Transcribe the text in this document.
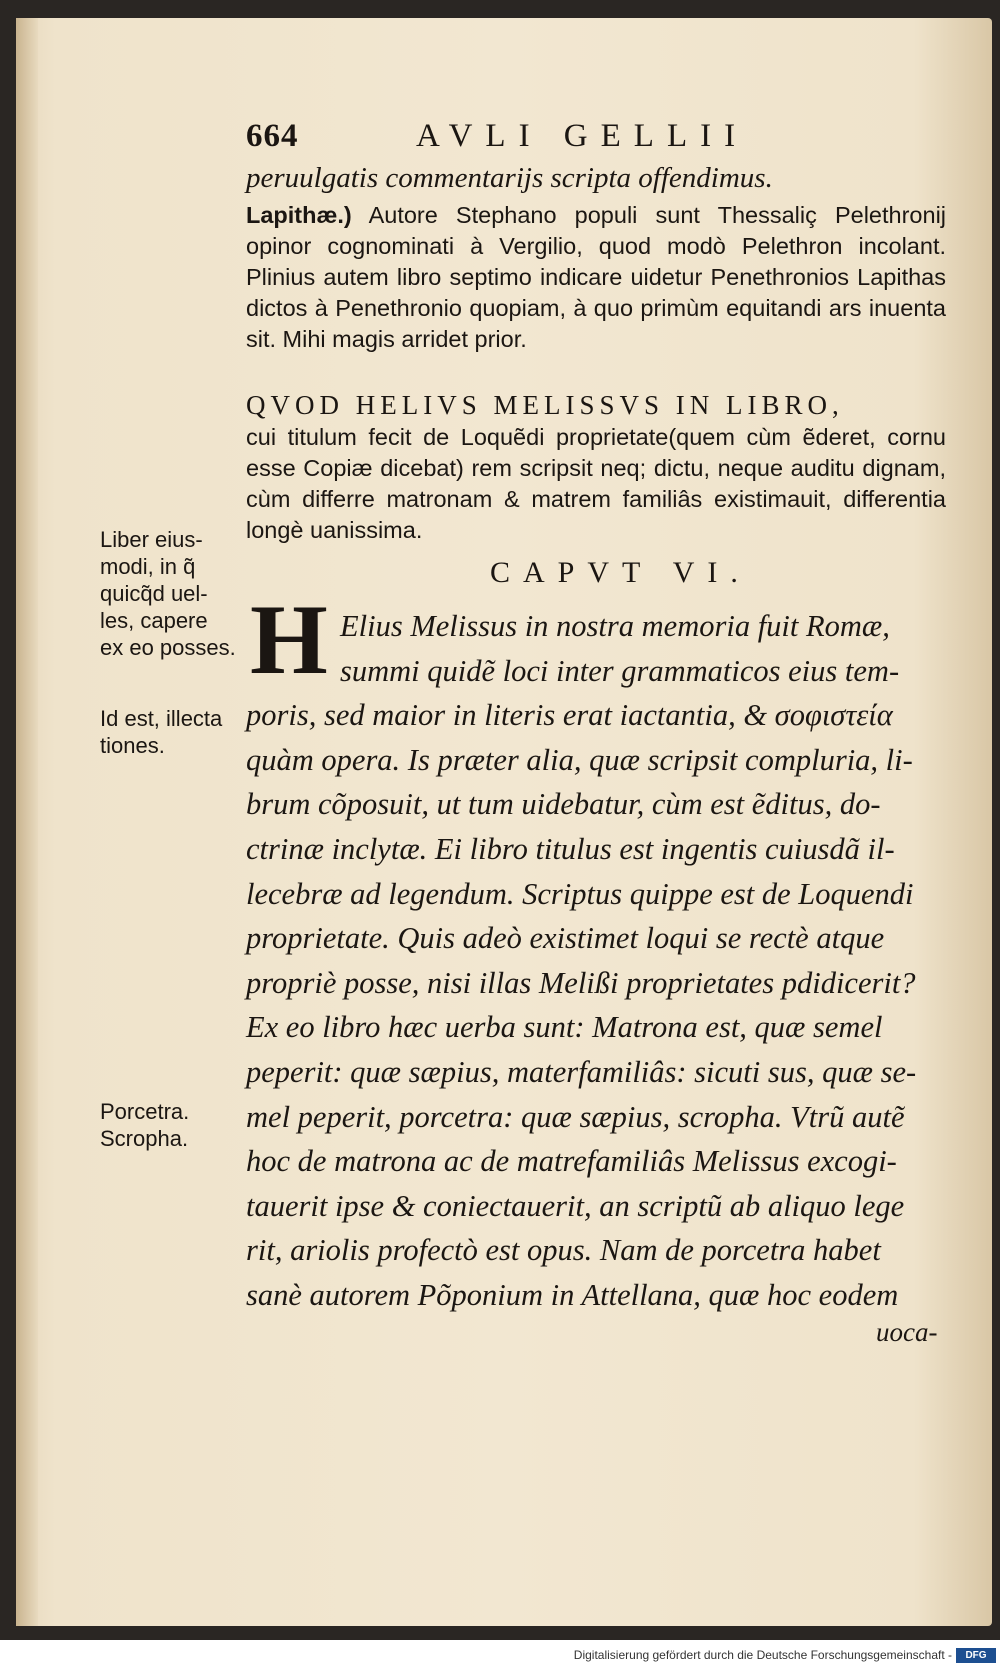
664	AVLI GELLII
peruulgatis commentarijs scripta offendimus.
Lapithæ.) Autore Stephano populi sunt Thessaliç Pelethronij opinor cognominati à Vergilio, quod modò Pelethron incolant. Plinius autem libro septimo indicare uidetur Penethronios Lapithas dictos à Penethronio quopiam, à quo primùm equitandi ars inuenta sit. Mihi magis arridet prior.
QVOD HELIVS MELISSVS IN LIBRO,
cui titulum fecit de Loquẽdi proprietate(quem cùm ẽderet, cornu esse Copiæ dicebat) rem scripsit neq; dictu, neque auditu dignam, cùm differre matronam & matrem familiâs existimauit, differentia longè uanissima.
CAPVT VI.
H Elius Melissus in nostra memoria fuit Romæ,
summi quidẽ loci inter grammaticos eius tem-
poris, sed maior in literis erat iactantia, & σοφιστεία
quàm opera. Is præter alia, quæ scripsit compluria, li-
brum cõposuit, ut tum uidebatur, cùm est ẽditus, do-
ctrinæ inclytæ. Ei libro titulus est ingentis cuiusdã il-
lecebræ ad legendum. Scriptus quippe est de Loquendi
proprietate. Quis adeò existimet loqui se rectè atque
propriè posse, nisi illas Melißi proprietates pdidicerit?
Ex eo libro hæc uerba sunt: Matrona est, quæ semel
peperit: quæ sæpius, materfamiliâs: sicuti sus, quæ se-
mel peperit, porcetra: quæ sæpius, scropha. Vtrũ autẽ
hoc de matrona ac de matrefamiliâs Melissus excogi-
tauerit ipse & coniectauerit, an scriptũ ab aliquo lege
rit, ariolis profectò est opus. Nam de porcetra habet
sanè autorem Põponium in Attellana, quæ hoc eodem
uoca-
Liber eius-
modi, in q̃
quicq̃d uel-
les, capere
ex eo posses.
Id est, illecta
tiones.
Porcetra.
Scropha.
Digitalisierung gefördert durch die Deutsche Forschungsgemeinschaft -	DFG
